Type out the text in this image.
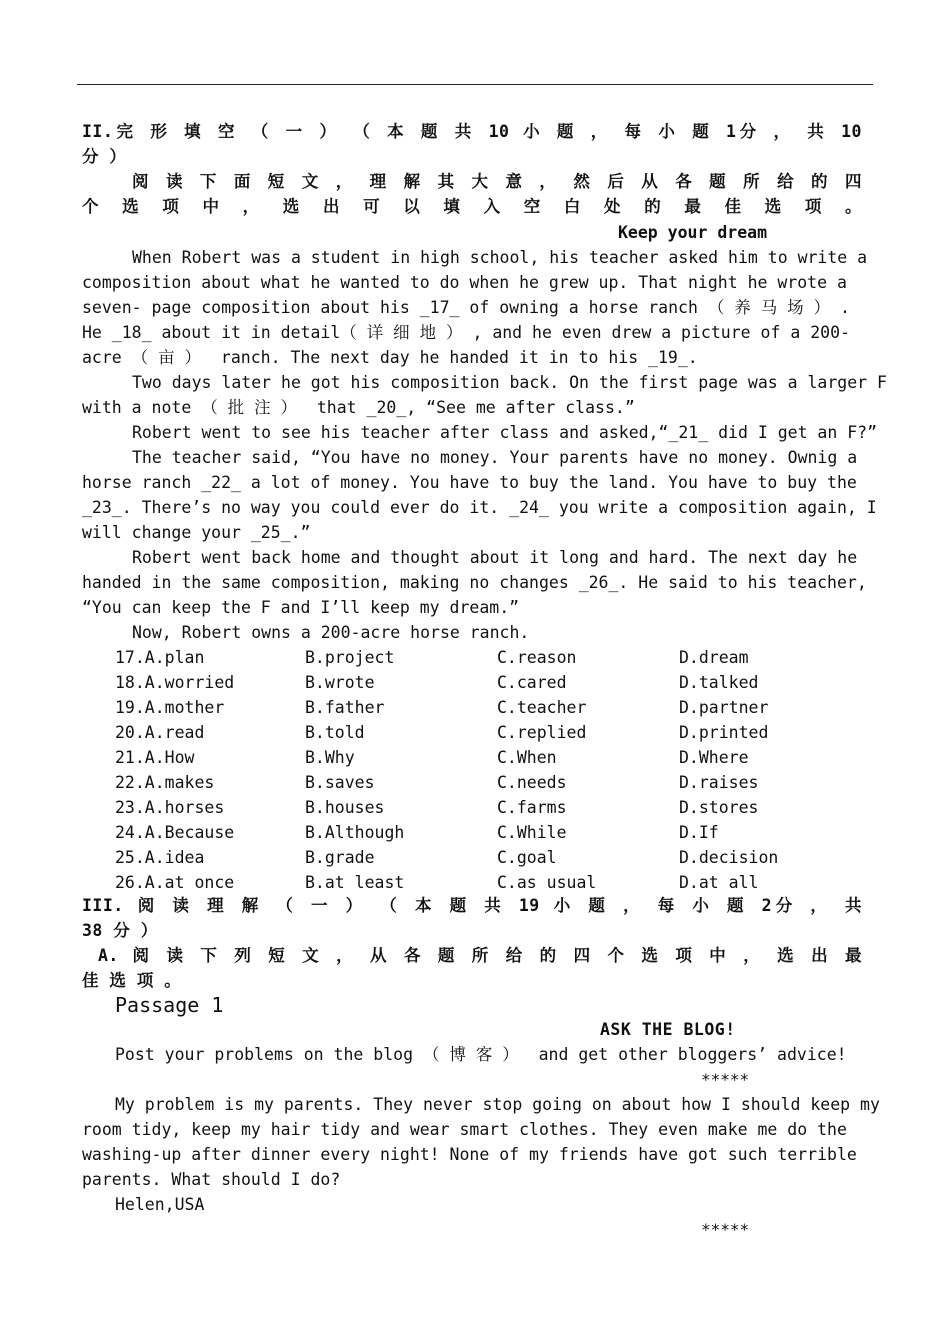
II.完 形 填 空 （ 一 ） （ 本 题 共 10 小 题 ， 每 小 题 1分 ， 共 10
分 ）
阅 读 下 面 短 文 ， 理 解 其 大 意 ， 然 后 从 各 题 所 给 的 四
个 选 项 中 ， 选 出 可 以 填 入 空 白 处 的 最 佳 选 项 。
Keep your dream
When Robert was a student in high school, his teacher asked him to write a
composition about what he wanted to do when he grew up. That night he wrote a
seven- page composition about his _17_ of owning a horse ranch （ 养 马 场 ） .
He _18_ about it in detail（ 详 细 地 ） , and he even drew a picture of a 200-
acre （ 亩 ）  ranch. The next day he handed it in to his _19_.
Two days later he got his composition back. On the first page was a larger F
with a note （ 批 注 ）  that _20_, “See me after class.”
Robert went to see his teacher after class and asked,“_21_ did I get an F?”
The teacher said, “You have no money. Your parents have no money. Ownig a
horse ranch _22_ a lot of money. You have to buy the land. You have to buy the
_23_. There’s no way you could ever do it. _24_ you write a composition again, I
will change your _25_.”
Robert went back home and thought about it long and hard. The next day he
handed in the same composition, making no changes _26_. He said to his teacher,
“You can keep the F and I’ll keep my dream.”
Now, Robert owns a 200-acre horse ranch.
17.A.plan	B.project	C.reason	D.dream
18.A.worried	B.wrote	C.cared	D.talked
19.A.mother	B.father	C.teacher	D.partner
20.A.read	B.told	C.replied	D.printed
21.A.How	B.Why	C.When	D.Where
22.A.makes	B.saves	C.needs	D.raises
23.A.horses	B.houses	C.farms	D.stores
24.A.Because	B.Although	C.While	D.If
25.A.idea	B.grade	C.goal	D.decision
26.A.at once	B.at least	C.as usual	D.at all
III. 阅 读 理 解 （ 一 ） （ 本 题 共 19 小 题 ， 每 小 题 2分 ， 共
38 分 ）
A. 阅 读 下 列 短 文 ， 从 各 题 所 给 的 四 个 选 项 中 ， 选 出 最
佳 选 项 。
Passage 1
ASK THE BLOG!
Post your problems on the blog （ 博 客 ）  and get other bloggers’ advice!
*****
My problem is my parents. They never stop going on about how I should keep my
room tidy, keep my hair tidy and wear smart clothes. They even make me do the
washing-up after dinner every night! None of my friends have got such terrible
parents. What should I do?
Helen,USA
*****
